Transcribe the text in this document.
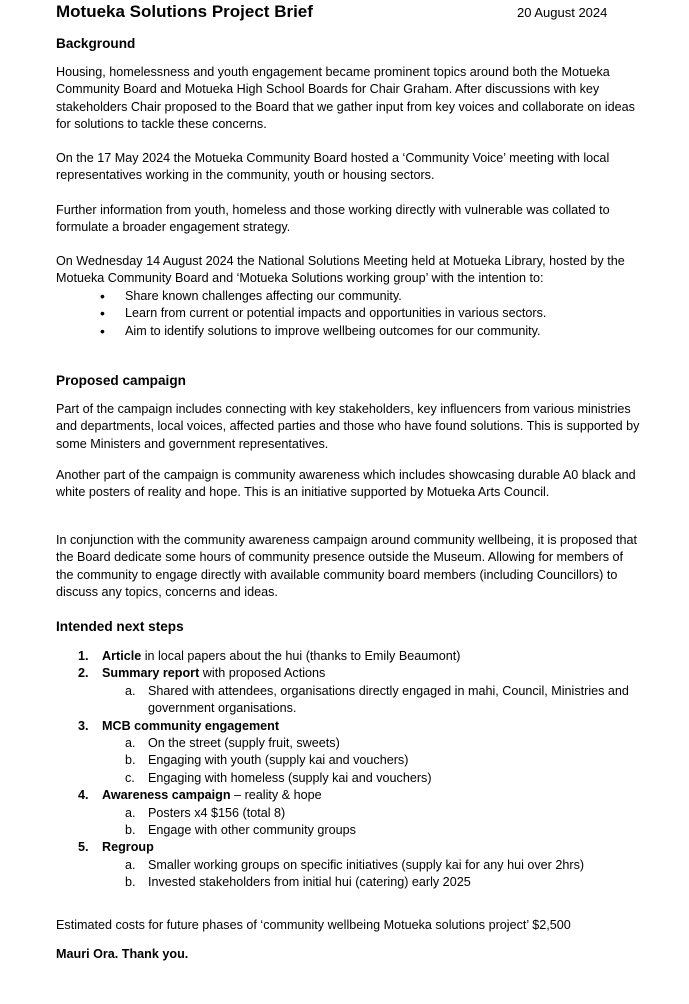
Motueka Solutions Project Brief	20 August 2024
Background

Housing, homelessness and youth engagement became prominent topics around both the Motueka Community Board and Motueka High School Boards for Chair Graham. After discussions with key stakeholders Chair proposed to the Board that we gather input from key voices and collaborate on ideas for solutions to tackle these concerns.

On the 17 May 2024 the Motueka Community Board hosted a ‘Community Voice’ meeting with local representatives working in the community, youth or housing sectors.

Further information from youth, homeless and those working directly with vulnerable was collated to formulate a broader engagement strategy.

On Wednesday 14 August 2024 the National Solutions Meeting held at Motueka Library, hosted by the Motueka Community Board and ‘Motueka Solutions working group’ with the intention to:

• Share known challenges affecting our community.
• Learn from current or potential impacts and opportunities in various sectors.
• Aim to identify solutions to improve wellbeing outcomes for our community.
Proposed campaign

Part of the campaign includes connecting with key stakeholders, key influencers from various ministries and departments, local voices, affected parties and those who have found solutions. This is supported by some Ministers and government representatives.

Another part of the campaign is community awareness which includes showcasing durable A0 black and white posters of reality and hope. This is an initiative supported by Motueka Arts Council.

In conjunction with the community awareness campaign around community wellbeing, it is proposed that the Board dedicate some hours of community presence outside the Museum. Allowing for members of the community to engage directly with available community board members (including Councillors) to discuss any topics, concerns and ideas.

Intended next steps
1. Article in local papers about the hui (thanks to Emily Beaumont)
2. Summary report with proposed Actions
a. Shared with attendees, organisations directly engaged in mahi, Council, Ministries and government organisations.
3. MCB community engagement
a. On the street (supply fruit, sweets)
b. Engaging with youth (supply kai and vouchers)
c. Engaging with homeless (supply kai and vouchers)
4. Awareness campaign – reality & hope
a. Posters x4 $156 (total 8)
b. Engage with other community groups
5. Regroup
a. Smaller working groups on specific initiatives (supply kai for any hui over 2hrs)
b. Invested stakeholders from initial hui (catering) early 2025

Estimated costs for future phases of ‘community wellbeing Motueka solutions project’ $2,500

Mauri Ora. Thank you.
